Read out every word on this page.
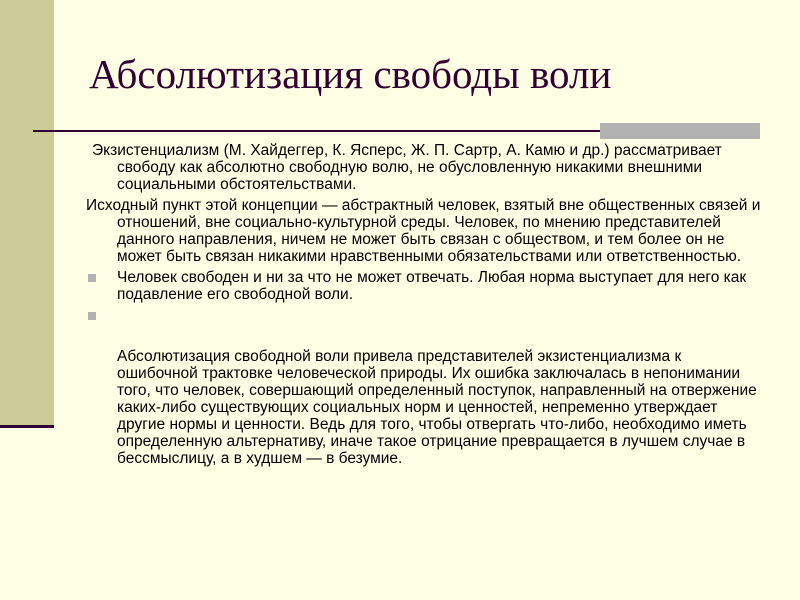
Абсолютизация свободы воли

Экзистенциализм (М. Хайдеггер, К. Ясперс, Ж. П. Сартр, А. Камю и др.) рассматривает свободу как абсолютно свободную волю, не обусловленную никакими внешними социальными обстоятельствами.

Исходный пункт этой концепции — абстрактный человек, взятый вне общественных связей и отношений, вне социально-культурной среды. Человек, по мнению представителей данного направления, ничем не может быть связан с обществом, и тем более он не может быть связан никакими нравственными обязательствами или ответственностью.

Человек свободен и ни за что не может отвечать. Любая норма выступает для него как подавление его свободной воли.
Абсолютизация свободной воли привела представителей экзистенциализма к ошибочной трактовке человеческой природы. Их ошибка заключалась в непонимании того, что человек, совершающий определенный поступок, направленный на отвержение каких-либо существующих социальных норм и ценностей, непременно утверждает другие нормы и ценности. Ведь для того, чтобы отвергать что-либо, необходимо иметь определенную альтернативу, иначе такое отрицание превращается в лучшем случае в бессмыслицу, а в худшем — в безумие.
